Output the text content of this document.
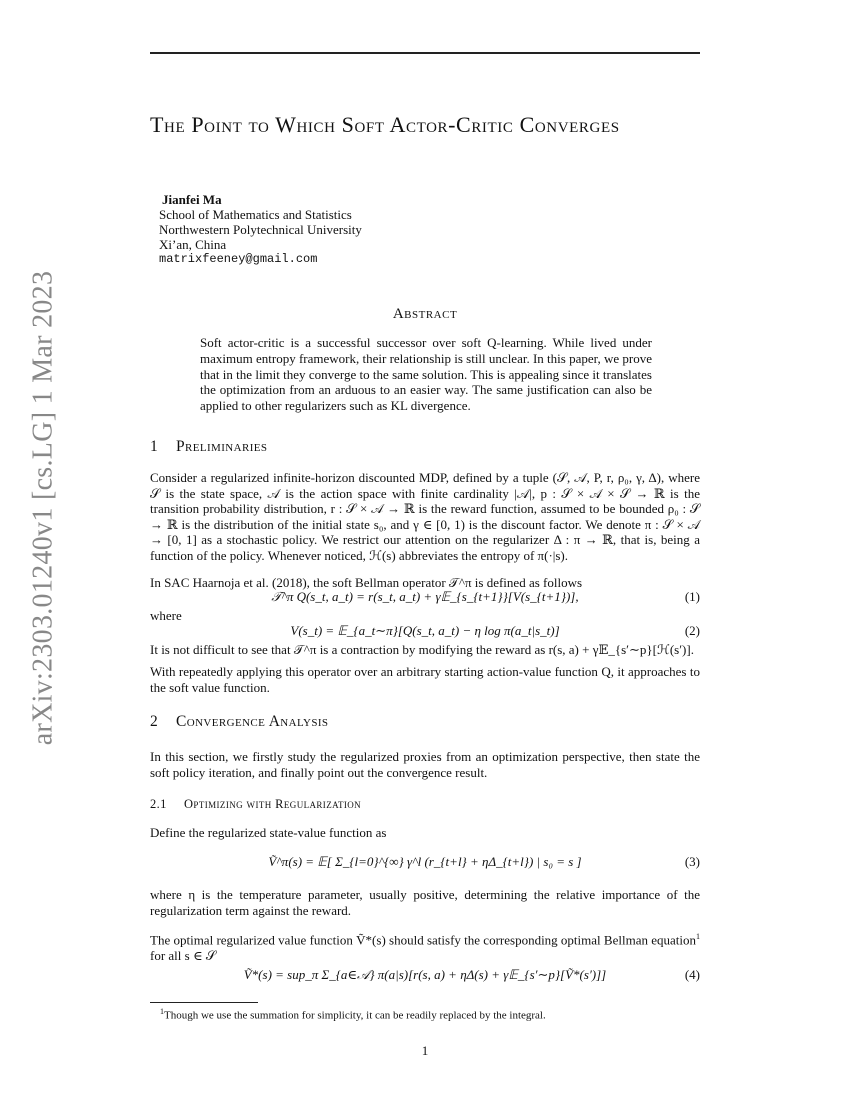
arXiv:2303.01240v1 [cs.LG] 1 Mar 2023
The Point to Which Soft Actor-Critic Converges
Jianfei Ma
School of Mathematics and Statistics
Northwestern Polytechnical University
Xi’an, China
matrixfeeney@gmail.com
Abstract
Soft actor-critic is a successful successor over soft Q-learning. While lived under maximum entropy framework, their relationship is still unclear. In this paper, we prove that in the limit they converge to the same solution. This is appealing since it translates the optimization from an arduous to an easier way. The same justification can also be applied to other regularizers such as KL divergence.
1 Preliminaries
Consider a regularized infinite-horizon discounted MDP, defined by a tuple (𝒮, 𝒜, P, r, ρ₀, γ, Δ), where 𝒮 is the state space, 𝒜 is the action space with finite cardinality |𝒜|, p : 𝒮 × 𝒜 × 𝒮 → ℝ is the transition probability distribution, r : 𝒮 × 𝒜 → ℝ is the reward function, assumed to be bounded ρ₀ : 𝒮 → ℝ is the distribution of the initial state s₀, and γ ∈ [0, 1) is the discount factor. We denote π : 𝒮 × 𝒜 → [0, 1] as a stochastic policy. We restrict our attention on the regularizer Δ : π → ℝ, that is, being a function of the policy. Whenever noticed, ℋ(s) abbreviates the entropy of π(·|s).
In SAC Haarnoja et al. (2018), the soft Bellman operator 𝒯^π is defined as follows
𝒯^π Q(s_t, a_t) = r(s_t, a_t) + γ𝔼_{s_{t+1}}[V(s_{t+1})],	(1)
where
V(s_t) = 𝔼_{a_t∼π}[Q(s_t, a_t) − η log π(a_t|s_t)]	(2)
It is not difficult to see that 𝒯^π is a contraction by modifying the reward as r(s, a) + γ𝔼_{s′∼p}[ℋ(s′)].
With repeatedly applying this operator over an arbitrary starting action-value function Q, it approaches to the soft value function.
2 Convergence Analysis
In this section, we firstly study the regularized proxies from an optimization perspective, then state the soft policy iteration, and finally point out the convergence result.
2.1 Optimizing with Regularization
Define the regularized state-value function as
Ṽ^π(s) = 𝔼[ Σ_{l=0}^{∞} γ^l (r_{t+l} + ηΔ_{t+l}) | s₀ = s ]	(3)
where η is the temperature parameter, usually positive, determining the relative importance of the regularization term against the reward.
The optimal regularized value function Ṽ*(s) should satisfy the corresponding optimal Bellman equation$^1$ for all s ∈ 𝒮
Ṽ*(s) = sup_π Σ_{a∈𝒜} π(a|s)[r(s, a) + ηΔ(s) + γ𝔼_{s′∼p}[Ṽ*(s′)]]	(4)
$^1$Though we use the summation for simplicity, it can be readily replaced by the integral.
1
